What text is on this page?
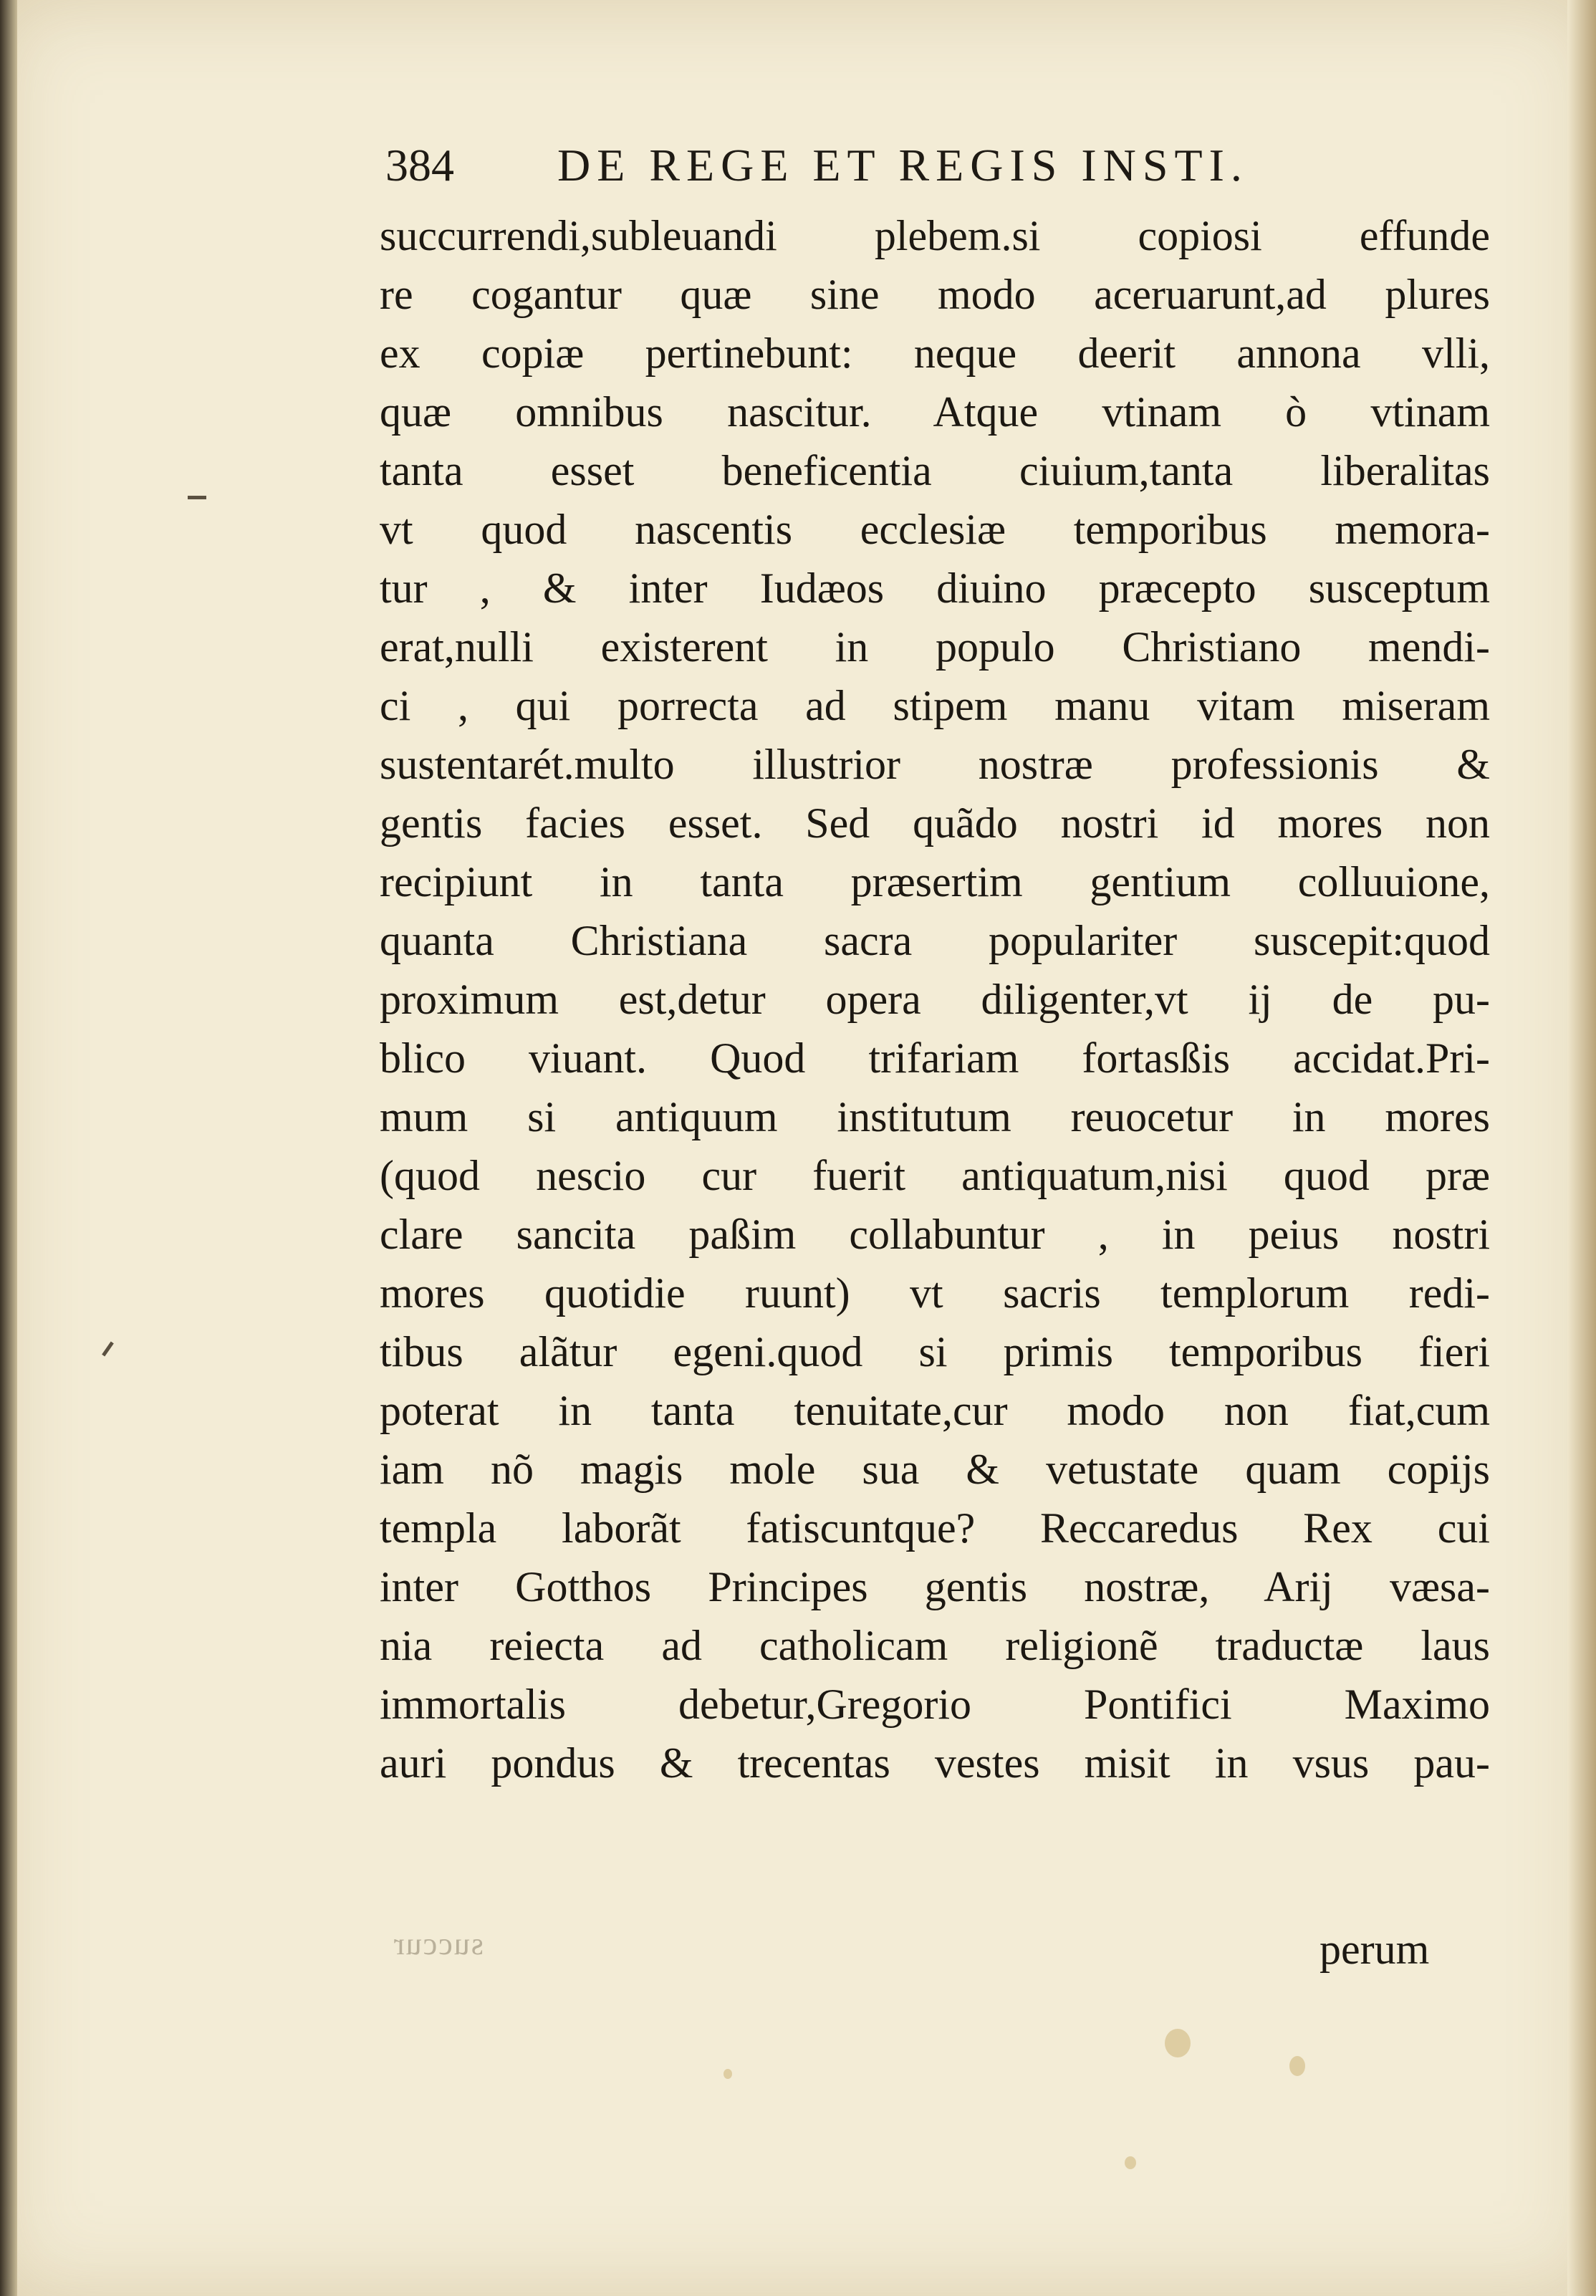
384 DE REGE ET REGIS INSTI.
succurrendi,subleuandi plebem.si copiosi effunde
re cogantur quæ sine modo aceruarunt,ad plures
ex copiæ pertinebunt: neque deerit annona vlli,
quæ omnibus nascitur. Atque vtinam ò vtinam
tanta esset beneficentia ciuium,tanta liberalitas
vt quod nascentis ecclesiæ temporibus memora-
tur , & inter Iudæos diuino præcepto susceptum
erat,nulli existerent in populo Christiano mendi-
ci , qui porrecta ad stipem manu vitam miseram
sustentarét.multo illustrior nostræ professionis &
gentis facies esset. Sed quãdo nostri id mores non
recipiunt in tanta præsertim gentium colluuione,
quanta Christiana sacra populariter suscepit:quod
proximum est,detur opera diligenter,vt ij de pu-
blico viuant. Quod trifariam fortasßis accidat.Pri-
mum si antiquum institutum reuocetur in mores
(quod nescio cur fuerit antiquatum,nisi quod præ
clare sancita paßim collabuntur , in peius nostri
mores quotidie ruunt) vt sacris templorum redi-
tibus alãtur egeni.quod si primis temporibus fieri
poterat in tanta tenuitate,cur modo non fiat,cum
iam nõ magis mole sua & vetustate quam copijs
templa laborãt fatiscuntque? Reccaredus Rex cui
inter Gotthos Principes gentis nostræ, Arij væsa-
nia reiecta ad catholicam religionẽ traductæ laus
immortalis debetur,Gregorio Pontifici Maximo
auri pondus & trecentas vestes misit in vsus pau-
succur	perum
